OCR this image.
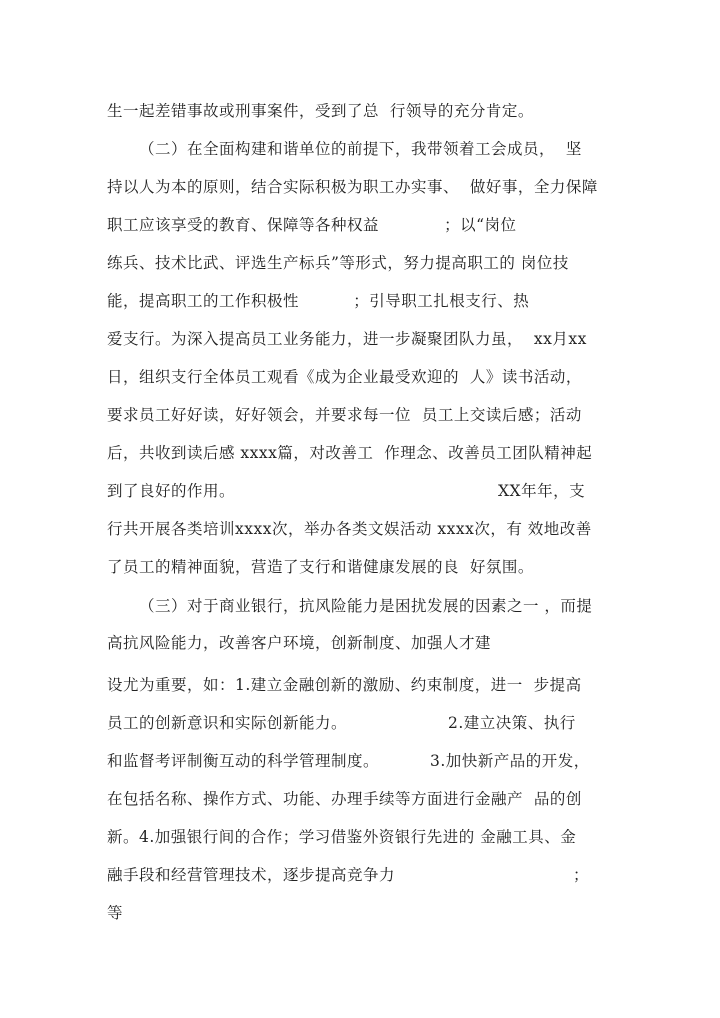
生一起差错事故或刑事案件，受到了总  行领导的充分肯定。
（二）在全面构建和谐单位的前提下，我带领着工会成员，  坚
持以人为本的原则，结合实际积极为职工办实事、  做好事，全力保障
职工应该享受的教育、保障等各种权益            ；以“岗位
练兵、技术比武、评选生产标兵”等形式，努力提高职工的 岗位技
能，提高职工的工作积极性          ；引导职工扎根支行、热
爱支行。为深入提高员工业务能力，进一步凝聚团队力虽，  xx月xx
日，组织支行全体员工观看《成为企业最受欢迎的  人》读书活动，
要求员工好好读，好好领会，并要求每一位  员工上交读后感；活动
后，共收到读后感 xxxx篇，对改善工  作理念、改善员工团队精神起
到了良好的作用。	XX年年，支
行共开展各类培训xxxx次，举办各类文娱活动 xxxx次，有 效地改善
了员工的精神面貌，营造了支行和谐健康发展的良  好氛围。
（三）对于商业银行，抗风险能力是困扰发展的因素之一 ，而提
高抗风险能力，改善客户环境，创新制度、加强人才建
设尤为重要，如：1.建立金融创新的激励、约束制度，进一  步提高
员工的创新意识和实际创新能力。	2.建立决策、执行
和监督考评制衡互动的科学管理制度。	3.加快新产品的开发，
在包括名称、操作方式、功能、办理手续等方面进行金融产  品的创
新。4.加强银行间的合作；学习借鉴外资银行先进的 金融工具、金
融手段和经营管理技术，逐步提高竞争力	；
等
